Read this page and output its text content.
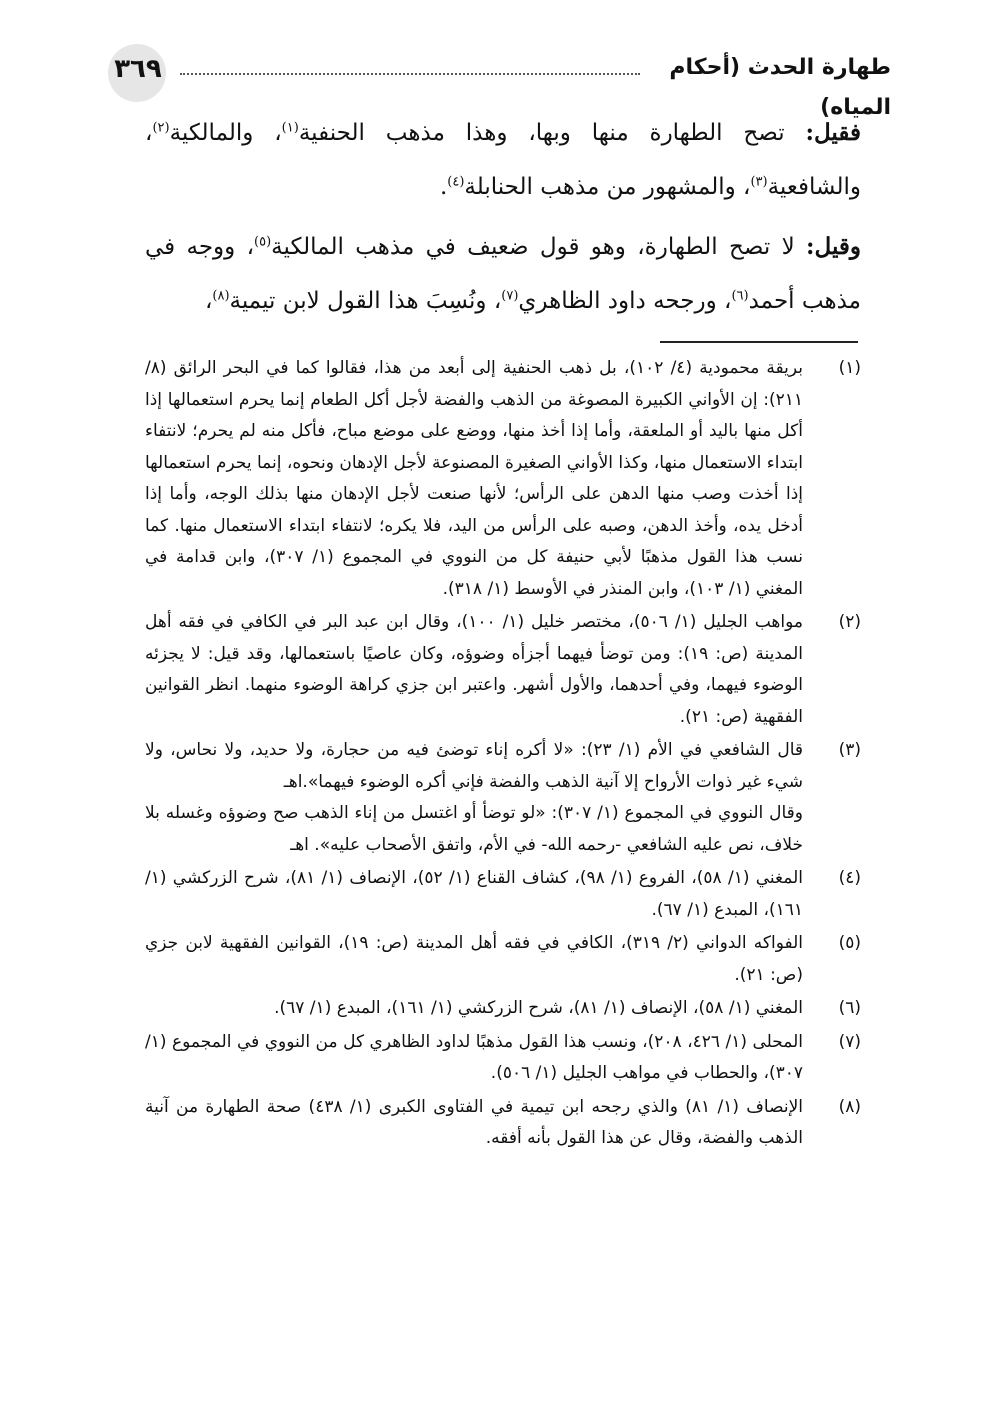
٣٦٩	طهارة الحدث (أحكام المياه)

فقيل: تصح الطهارة منها وبها، وهذا مذهب الحنفية$^{(١)}$، والمالكية$^{(٢)}$، والشافعية$^{(٣)}$، والمشهور من مذهب الحنابلة$^{(٤)}$.

وقيل: لا تصح الطهارة، وهو قول ضعيف في مذهب المالكية$^{(٥)}$، ووجه في مذهب أحمد$^{(٦)}$، ورجحه داود الظاهري$^{(٧)}$، ونُسِبَ هذا القول لابن تيمية$^{(٨)}$،

(١)

بريقة محمودية (٤/ ١٠٢)، بل ذهب الحنفية إلى أبعد من هذا، فقالوا كما في البحر الرائق (٨/ ٢١١): إن الأواني الكبيرة المصوغة من الذهب والفضة لأجل أكل الطعام إنما يحرم استعمالها إذا أكل منها باليد أو الملعقة، وأما إذا أخذ منها، ووضع على موضع مباح، فأكل منه لم يحرم؛ لانتفاء ابتداء الاستعمال منها، وكذا الأواني الصغيرة المصنوعة لأجل الإدهان ونحوه، إنما يحرم استعمالها إذا أخذت وصب منها الدهن على الرأس؛ لأنها صنعت لأجل الإدهان منها بذلك الوجه، وأما إذا أدخل يده، وأخذ الدهن، وصبه على الرأس من اليد، فلا يكره؛ لانتفاء ابتداء الاستعمال منها. كما نسب هذا القول مذهبًا لأبي حنيفة كل من النووي في المجموع (١/ ٣٠٧)، وابن قدامة في المغني (١/ ١٠٣)، وابن المنذر في الأوسط (١/ ٣١٨).

(٢)

مواهب الجليل (١/ ٥٠٦)، مختصر خليل (١/ ١٠٠)، وقال ابن عبد البر في الكافي في فقه أهل المدينة (ص: ١٩): ومن توضأ فيهما أجزأه وضوؤه، وكان عاصيًا باستعمالها، وقد قيل: لا يجزئه الوضوء فيهما، وفي أحدهما، والأول أشهر. واعتبر ابن جزي كراهة الوضوء منهما. انظر القوانين الفقهية (ص: ٢١).

(٣)

قال الشافعي في الأم (١/ ٢٣): «لا أكره إناء توضئ فيه من حجارة، ولا حديد، ولا نحاس، ولا شيء غير ذوات الأرواح إلا آنية الذهب والفضة فإني أكره الوضوء فيهما».اهـ

وقال النووي في المجموع (١/ ٣٠٧): «لو توضأ أو اغتسل من إناء الذهب صح وضوؤه وغسله بلا خلاف، نص عليه الشافعي -رحمه الله- في الأم، واتفق الأصحاب عليه». اهـ

(٤)

المغني (١/ ٥٨)، الفروع (١/ ٩٨)، كشاف القناع (١/ ٥٢)، الإنصاف (١/ ٨١)، شرح الزركشي (١/ ١٦١)، المبدع (١/ ٦٧).

(٥)

الفواكه الدواني (٢/ ٣١٩)، الكافي في فقه أهل المدينة (ص: ١٩)، القوانين الفقهية لابن جزي (ص: ٢١).

(٦)

المغني (١/ ٥٨)، الإنصاف (١/ ٨١)، شرح الزركشي (١/ ١٦١)، المبدع (١/ ٦٧).

(٧)

المحلى (١/ ٤٢٦، ٢٠٨)، ونسب هذا القول مذهبًا لداود الظاهري كل من النووي في المجموع (١/ ٣٠٧)، والحطاب في مواهب الجليل (١/ ٥٠٦).

(٨)

الإنصاف (١/ ٨١) والذي رجحه ابن تيمية في الفتاوى الكبرى (١/ ٤٣٨) صحة الطهارة من آنية الذهب والفضة، وقال عن هذا القول بأنه أفقه.
